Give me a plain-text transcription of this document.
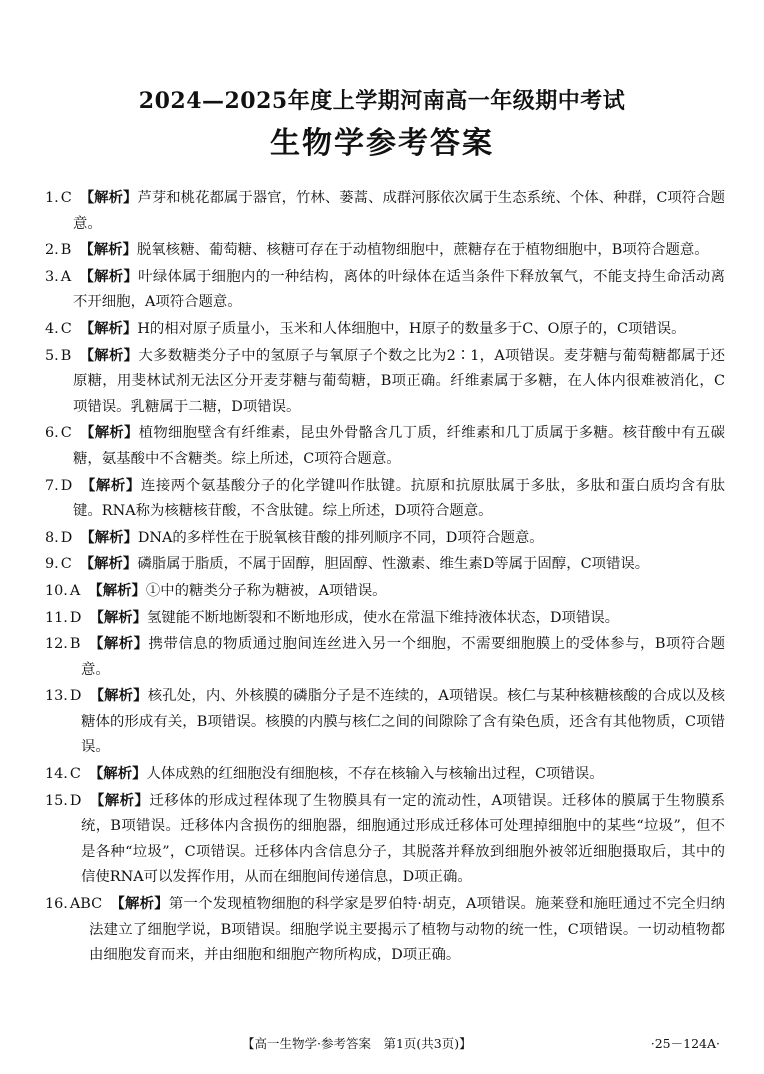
2024—2025年度上学期河南高一年级期中考试
生物学参考答案
1. C 【解析】芦芽和桃花都属于器官，竹林、蒌蒿、成群河豚依次属于生态系统、个体、种群，C项符合题意。
2. B 【解析】脱氧核糖、葡萄糖、核糖可存在于动植物细胞中，蔗糖存在于植物细胞中，B项符合题意。
3. A 【解析】叶绿体属于细胞内的一种结构，离体的叶绿体在适当条件下释放氧气，不能支持生命活动离不开细胞，A项符合题意。
4. C 【解析】H的相对原子质量小，玉米和人体细胞中，H原子的数量多于C、O原子的，C项错误。
5. B 【解析】大多数糖类分子中的氢原子与氧原子个数之比为2∶1，A项错误。麦芽糖与葡萄糖都属于还原糖，用斐林试剂无法区分开麦芽糖与葡萄糖，B项正确。纤维素属于多糖，在人体内很难被消化，C项错误。乳糖属于二糖，D项错误。
6. C 【解析】植物细胞壁含有纤维素，昆虫外骨骼含几丁质，纤维素和几丁质属于多糖。核苷酸中有五碳糖，氨基酸中不含糖类。综上所述，C项符合题意。
7. D 【解析】连接两个氨基酸分子的化学键叫作肽键。抗原和抗原肽属于多肽，多肽和蛋白质均含有肽键。RNA称为核糖核苷酸，不含肽键。综上所述，D项符合题意。
8. D 【解析】DNA的多样性在于脱氧核苷酸的排列顺序不同，D项符合题意。
9. C 【解析】磷脂属于脂质，不属于固醇，胆固醇、性激素、维生素D等属于固醇，C项错误。
10. A 【解析】①中的糖类分子称为糖被，A项错误。
11. D 【解析】氢键能不断地断裂和不断地形成，使水在常温下维持液体状态，D项错误。
12. B 【解析】携带信息的物质通过胞间连丝进入另一个细胞，不需要细胞膜上的受体参与，B项符合题意。
13. D 【解析】核孔处，内、外核膜的磷脂分子是不连续的，A项错误。核仁与某种核糖核酸的合成以及核糖体的形成有关，B项错误。核膜的内膜与核仁之间的间隙除了含有染色质，还含有其他物质，C项错误。
14. C 【解析】人体成熟的红细胞没有细胞核，不存在核输入与核输出过程，C项错误。
15. D 【解析】迁移体的形成过程体现了生物膜具有一定的流动性，A项错误。迁移体的膜属于生物膜系统，B项错误。迁移体内含损伤的细胞器，细胞通过形成迁移体可处理掉细胞中的某些“垃圾”，但不是各种“垃圾”，C项错误。迁移体内含信息分子，其脱落并释放到细胞外被邻近细胞摄取后，其中的信使RNA可以发挥作用，从而在细胞间传递信息，D项正确。
16. ABC 【解析】第一个发现植物细胞的科学家是罗伯特·胡克，A项错误。施莱登和施旺通过不完全归纳法建立了细胞学说，B项错误。细胞学说主要揭示了植物与动物的统一性，C项错误。一切动植物都由细胞发育而来，并由细胞和细胞产物所构成，D项正确。
【高一生物学·参考答案　第1页(共3页)】	·25－124A·
